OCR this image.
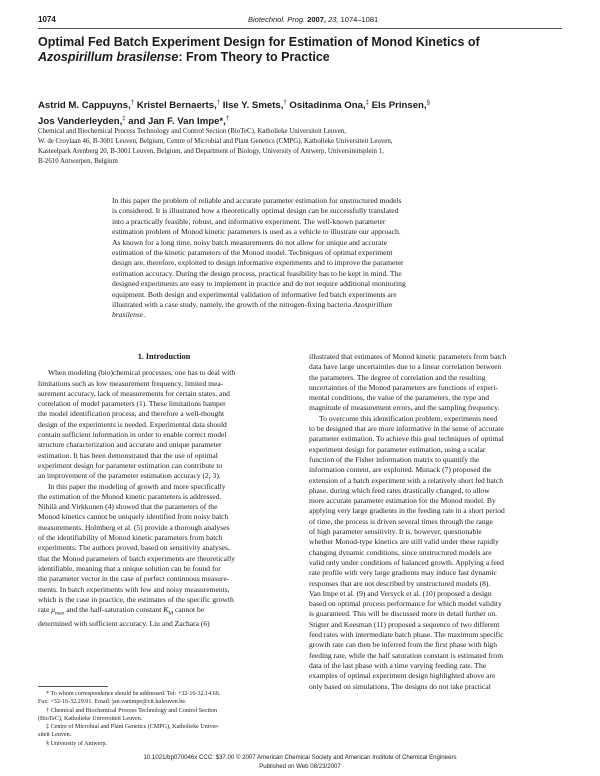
1074	Biotechnol. Prog. 2007, 23, 1074–1081
Optimal Fed Batch Experiment Design for Estimation of Monod Kinetics of
Azospirillum brasilense: From Theory to Practice
Astrid M. Cappuyns,† Kristel Bernaerts,† Ilse Y. Smets,† Ositadinma Ona,‡ Els Prinsen,§
Jos Vanderleyden,‡ and Jan F. Van Impe*,†
Chemical and Biochemical Process Technology and Control Section (BioTeC), Katholieke Universiteit Leuven,
W. de Croylaan 46, B-3001 Leuven, Belgium, Centre of Microbial and Plant Genetics (CMPG), Katholieke Universiteit Leuven,
Kasteelpark Arenberg 20, B-3001 Leuven, Belgium, and Department of Biology, University of Antwerp, Universiteitsplein 1,
B-2610 Antwerpen, Belgium
In this paper the problem of reliable and accurate parameter estimation for unstructured models
is considered. It is illustrated how a theoretically optimal design can be successfully translated
into a practically feasible, robust, and informative experiment. The well-known parameter
estimation problem of Monod kinetic parameters is used as a vehicle to illustrate our approach.
As known for a long time, noisy batch measurements do not allow for unique and accurate
estimation of the kinetic parameters of the Monod model. Techniques of optimal experiment
design are, therefore, exploited to design informative experiments and to improve the parameter
estimation accuracy. During the design process, practical feasibility has to be kept in mind. The
designed experiments are easy to implement in practice and do not require additional monitoring
equipment. Both design and experimental validation of informative fed batch experiments are
illustrated with a case study, namely, the growth of the nitrogen-fixing bacteria Azospirillum
brasilense.
1. Introduction
When modeling (bio)chemical processes, one has to deal with
limitations such as low measurement frequency, limited mea-
surement accuracy, lack of measurements for certain states, and
correlation of model parameters (1). These limitations hamper
the model identification process, and therefore a well-thought
design of the experiments is needed. Experimental data should
contain sufficient information in order to enable correct model
structure characterization and accurate and unique parameter
estimation. It has been demonstrated that the use of optimal
experiment design for parameter estimation can contribute to
an improvement of the parameter estimation accuracy (2, 3).
In this paper the modeling of growth and more specifically
the estimation of the Monod kinetic parameters is addressed.
Nihilä and Virkkunen (4) showed that the parameters of the
Monod kinetics cannot be uniquely identified from noisy batch
measurements. Holmberg et al. (5) provide a thorough analyses
of the identifiability of Monod kinetic parameters from batch
experiments. The authors proved, based on sensitivity analyses,
that the Monod parameters of batch experiments are theoretically
identifiable, meaning that a unique solution can be found for
the parameter vector in the case of perfect continuous measure-
ments. In batch experiments with few and noisy measurements,
which is the case in practice, the estimates of the specific growth
rate $\mu_{max}$ and the half-saturation constant $K_M$ cannot be
determined with sufficient accuracy. Liu and Zachara (6)
illustrated that estimates of Monod kinetic parameters from batch
data have large uncertainties due to a linear correlation between
the parameters. The degree of correlation and the resulting
uncertainties of the Monod parameters are functions of experi-
mental conditions, the value of the parameters, the type and
magnitude of measurement errors, and the sampling frequency.
To overcome this identification problem, experiments need
to be designed that are more informative in the sense of accurate
parameter estimation. To achieve this goal techniques of optimal
experiment design for parameter estimation, using a scalar
function of the Fisher information matrix to quantify the
information content, are exploited. Munack (7) proposed the
extension of a batch experiment with a relatively short fed batch
phase, during which feed rates drastically changed, to allow
more accurate parameter estimation for the Monod model. By
applying very large gradients in the feeding rate in a short period
of time, the process is driven several times through the range
of high parameter sensitivity. It is, however, questionable
whether Monod-type kinetics are still valid under these rapidly
changing dynamic conditions, since unstructured models are
valid only under conditions of balanced growth. Applying a feed
rate profile with very large gradients may induce fast dynamic
responses that are not described by unstructured models (8).
Van Impe et al. (9) and Versyck et al. (10) proposed a design
based on optimal process performance for which model validity
is guaranteed. This will be discussed more in detail further on.
Stigter and Keesman (11) proposed a sequence of two different
feed rates with intermediate batch phase. The maximum specific
growth rate can then be inferred from the first phase with high
feeding rate, while the half saturation constant is estimated from
data of the last phase with a time varying feeding rate. The
examples of optimal experiment design highlighted above are
only based on simulations. The designs do not take practical
* To whom correspondence should be addressed. Tel: +32-16-32.14.66.
Fax: +32-16-32.29.91. Email: jan.vanimpe@cit.kuleuven.be.
† Chemical and Biochemical Process Technology and Control Section
(BioTeC), Katholieke Universiteit Leuven.
‡ Centre of Microbial and Plant Genetics (CMPG), Katholieke Univer-
siteit Leuven.
§ University of Antwerp.
10.1021/bp070046x CCC: $37.00 © 2007 American Chemical Society and American Institute of Chemical Engineers
Published on Web 08/23/2007
